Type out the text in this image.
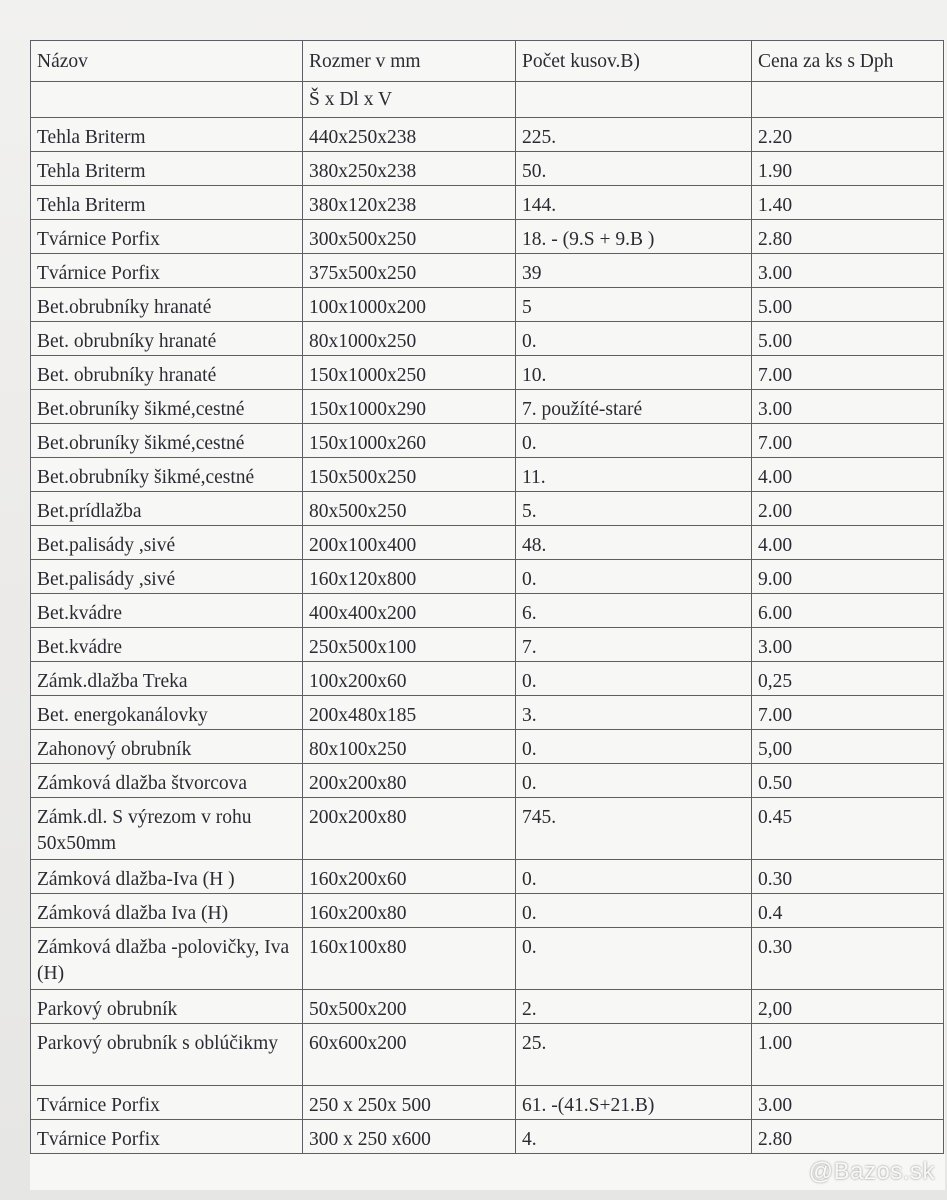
Názov	Rozmer v mm	Počet kusov.B)	Cena za ks s Dph
	Š x Dl x V		
Tehla Briterm	440x250x238	225.	2.20
Tehla Briterm	380x250x238	50.	1.90
Tehla Briterm	380x120x238	144.	1.40
Tvárnice Porfix	300x500x250	18. - (9.S + 9.B )	2.80
Tvárnice Porfix	375x500x250	39	3.00
Bet.obrubníky hranaté	100x1000x200	5	5.00
Bet. obrubníky hranaté	80x1000x250	0.	5.00
Bet. obrubníky hranaté	150x1000x250	10.	7.00
Bet.obruníky šikmé,cestné	150x1000x290	7. použíté-staré	3.00
Bet.obruníky šikmé,cestné	150x1000x260	0.	7.00
Bet.obrubníky šikmé,cestné	150x500x250	11.	4.00
Bet.prídlažba	80x500x250	5.	2.00
Bet.palisády ,sivé	200x100x400	48.	4.00
Bet.palisády ,sivé	160x120x800	0.	9.00
Bet.kvádre	400x400x200	6.	6.00
Bet.kvádre	250x500x100	7.	3.00
Zámk.dlažba Treka	100x200x60	0.	0,25
Bet. energokanálovky	200x480x185	3.	7.00
Zahonový obrubník	80x100x250	0.	5,00
Zámková dlažba štvorcova	200x200x80	0.	0.50
Zámk.dl. S výrezom v rohu 50x50mm	200x200x80	745.	0.45
Zámková dlažba-Iva (H )	160x200x60	0.	0.30
Zámková dlažba Iva (H)	160x200x80	0.	0.4
Zámková dlažba -polovičky, Iva (H)	160x100x80	0.	0.30
Parkový obrubník	50x500x200	2.	2,00
Parkový obrubník s oblúčikmy	60x600x200	25.	1.00
Tvárnice Porfix	250 x 250x 500	61. -(41.S+21.B)	3.00
Tvárnice Porfix	300 x 250 x600	4.	2.80
@Bazos.sk
